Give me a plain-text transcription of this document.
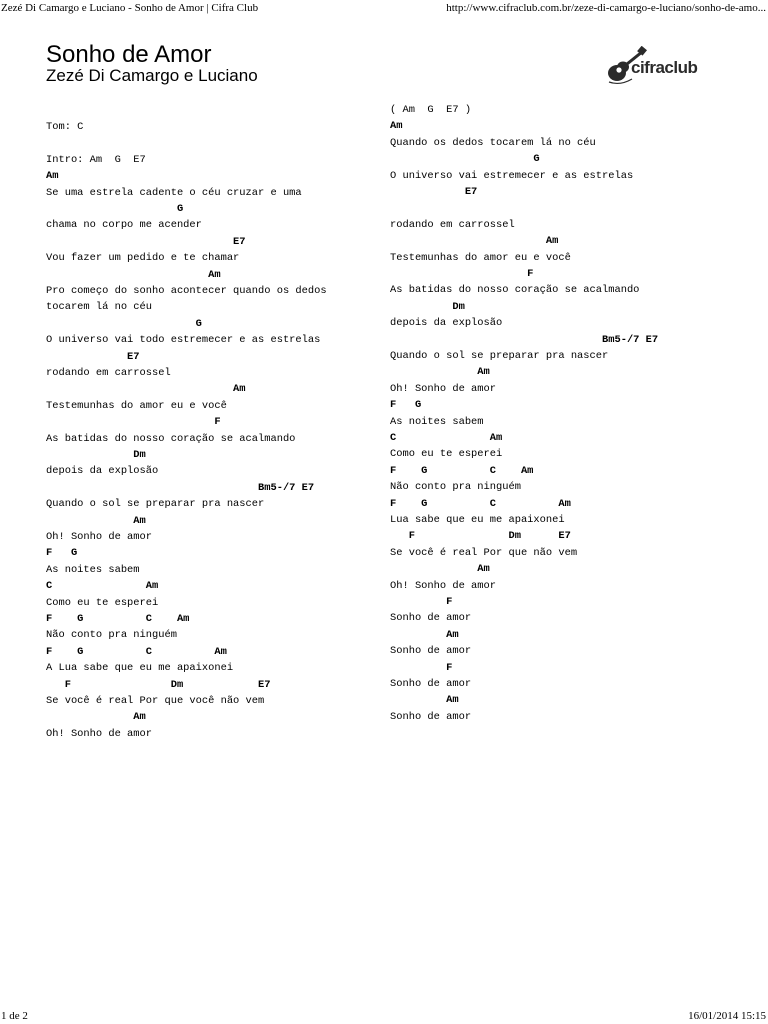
Zezé Di Camargo e Luciano - Sonho de Amor | Cifra Club	http://www.cifraclub.com.br/zeze-di-camargo-e-luciano/sonho-de-amo...
Sonho de Amor
Zezé Di Camargo e Luciano	cifraclub
Tom: C
Intro: Am  G  E7
Am
Se uma estrela cadente o céu cruzar e uma
G
chama no corpo me acender
E7
Vou fazer um pedido e te chamar
Am
Pro começo do sonho acontecer quando os dedos
tocarem lá no céu
G
O universo vai todo estremecer e as estrelas
E7
rodando em carrossel
Am
Testemunhas do amor eu e você
F
As batidas do nosso coração se acalmando
Dm
depois da explosão
Bm5-/7 E7
Quando o sol se preparar pra nascer
Am
Oh! Sonho de amor
F   G
As noites sabem
C               Am
Como eu te esperei
F    G          C    Am
Não conto pra ninguém
F    G          C          Am
A Lua sabe que eu me apaixonei
F                Dm            E7
Se você é real Por que você não vem
Am
Oh! Sonho de amor
( Am  G  E7 )
Am
Quando os dedos tocarem lá no céu
G
O universo vai estremecer e as estrelas
E7
rodando em carrossel
Am
Testemunhas do amor eu e você
F
As batidas do nosso coração se acalmando
Dm
depois da explosão
Bm5-/7 E7
Quando o sol se preparar pra nascer
Am
Oh! Sonho de amor
F   G
As noites sabem
C               Am
Como eu te esperei
F    G          C    Am
Não conto pra ninguém
F    G          C          Am
Lua sabe que eu me apaixonei
F               Dm      E7
Se você é real Por que não vem
Am
Oh! Sonho de amor
F
Sonho de amor
Am
Sonho de amor
F
Sonho de amor
Am
Sonho de amor
1 de 2	16/01/2014 15:15
